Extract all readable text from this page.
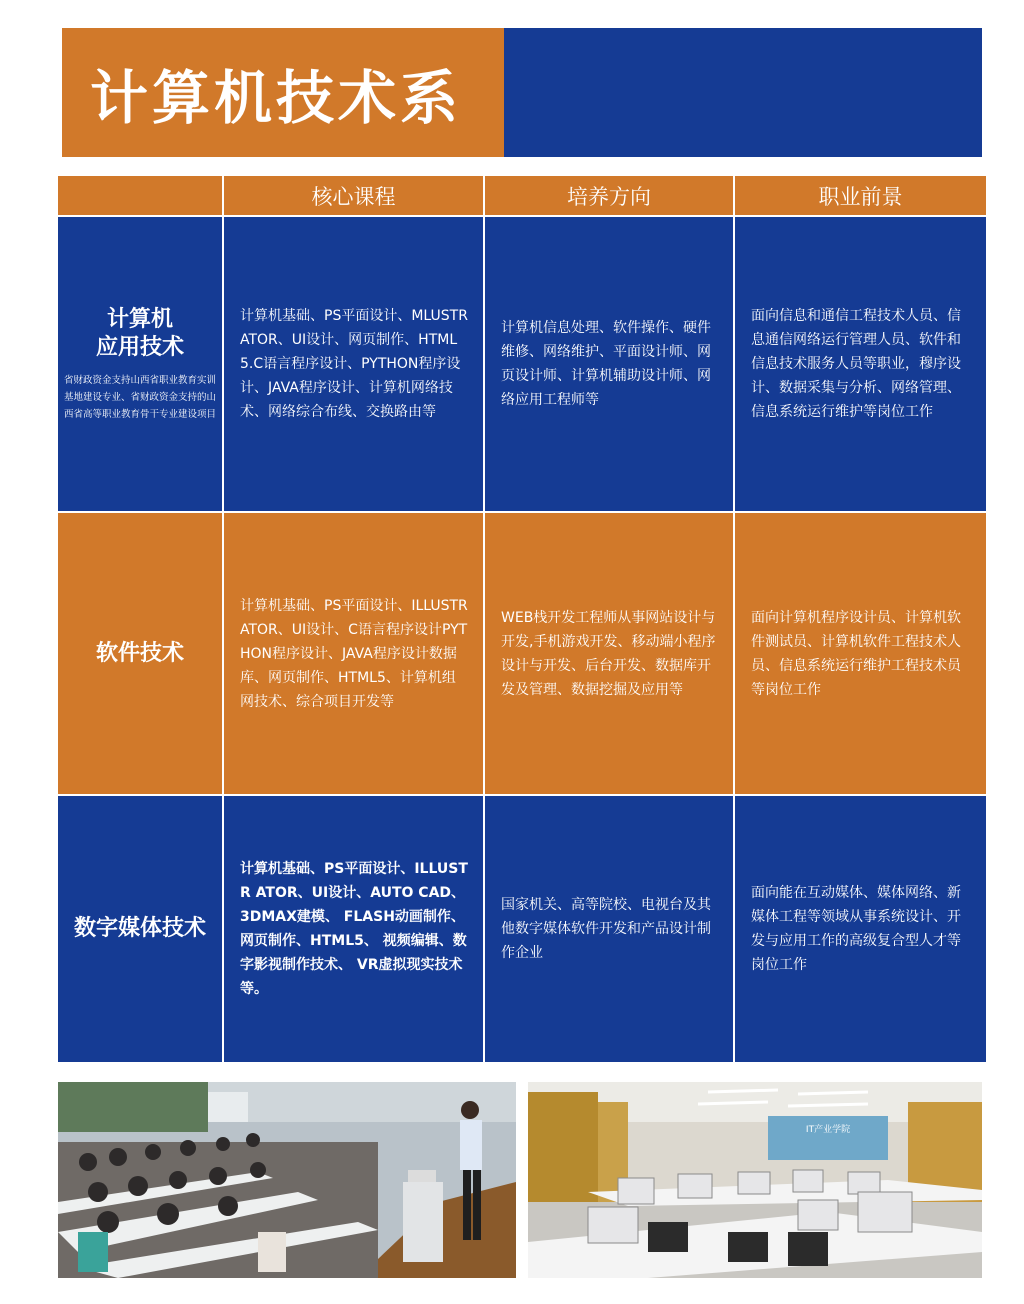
计算机技术系
核心课程	培养方向	职业前景
计算机
应用技术
省财政资金支持山西省职业教育实训基地建设专业、省财政资金支持的山西省高等职业教育骨干专业建设项目
计算机基础、PS平面设计、MLUSTRATOR、UI设计、网页制作、HTML 5.C语言程序设计、PYTHON程序设计、JAVA程序设计、计算机网络技术、网络综合布线、交换路由等
计算机信息处理、软件操作、硬件维修、网络维护、平面设计师、网页设计师、计算机辅助设计师、网络应用工程师等
面向信息和通信工程技术人员、信息通信网络运行管理人员、软件和信息技术服务人员等职业，穆序设计、数据采集与分析、网络管理、信息系统运行维护等岗位工作
软件技术
计算机基础、PS平面设计、ILLUSTR ATOR、UI设计、C语言程序设计PYTHON程序设计、JAVA程序设计数据库、网页制作、HTML5、计算机组网技术、综合项目开发等
WEB栈开发工程师从事网站设计与开发,手机游戏开发、移动端小程序设计与开发、后台开发、数据库开发及管理、数据挖掘及应用等
面向计算机程序设计员、计算机软件测试员、计算机软件工程技术人员、信息系统运行维护工程技术员等岗位工作
数字媒体技术
计算机基础、PS平面设计、ILLUSTR ATOR、UI设计、AUTO CAD、3DMAX建模、 FLASH动画制作、网页制作、HTML5、 视频编辑、数字影视制作技术、 VR虚拟现实技术等。
国家机关、高等院校、电视台及其他数字媒体软件开发和产品设计制作企业
面向能在互动媒体、媒体网络、新媒体工程等领域从事系统设计、开发与应用工作的高级复合型人才等岗位工作
IT产业学院
